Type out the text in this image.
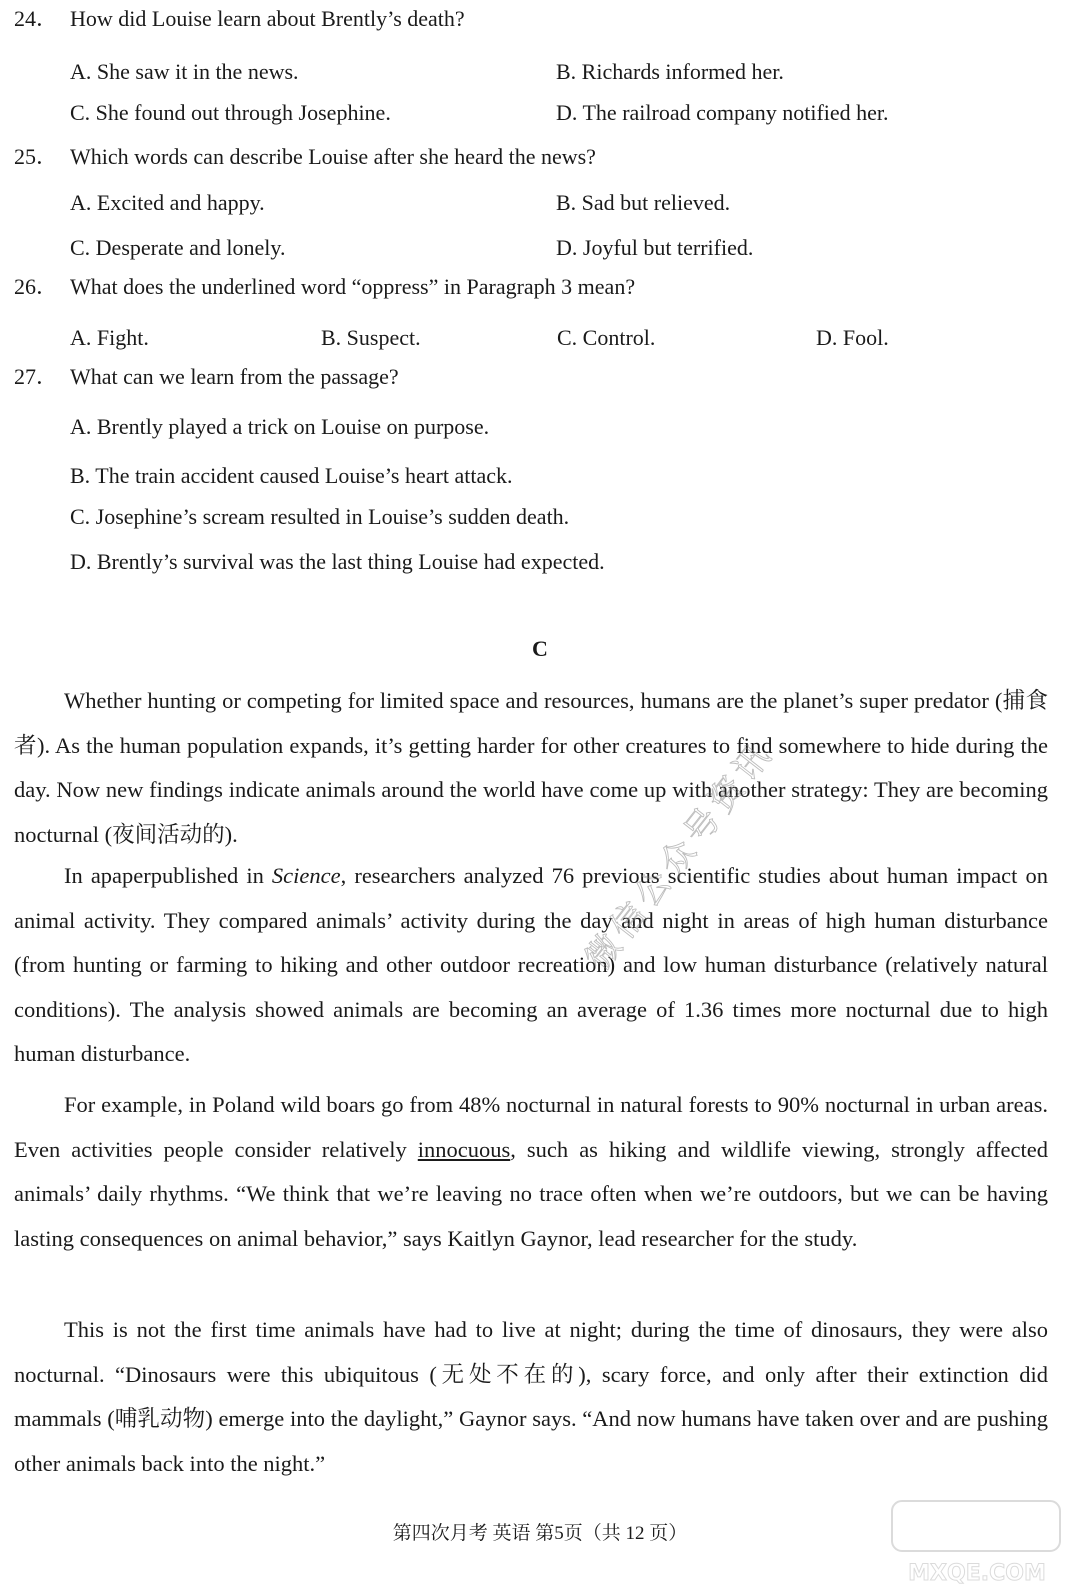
24． How did Louise learn about Brently’s death?
A. She saw it in the news.	B. Richards informed her.
C. She found out through Josephine.	D. The railroad company notified her.
25． Which words can describe Louise after she heard the news?
A. Excited and happy.	B. Sad but relieved.
C. Desperate and lonely.	D. Joyful but terrified.
26． What does the underlined word “oppress” in Paragraph 3 mean?
A. Fight.	B. Suspect.	C. Control.	D. Fool.
27． What can we learn from the passage?
A. Brently played a trick on Louise on purpose.
B. The train accident caused Louise’s heart attack.
C. Josephine’s scream resulted in Louise’s sudden death.
D. Brently’s survival was the last thing Louise had expected.
C
Whether hunting or competing for limited space and resources, humans are the planet’s super predator (捕食者). As the human population expands, it’s getting harder for other creatures to find somewhere to hide during the day. Now new findings indicate animals around the world have come up with another strategy: They are becoming nocturnal (夜间活动的).
In apaperpublished in Science, researchers analyzed 76 previous scientific studies about human impact on animal activity. They compared animals’ activity during the day and night in areas of high human disturbance (from hunting or farming to hiking and other outdoor recreation) and low human disturbance (relatively natural conditions). The analysis showed animals are becoming an average of 1.36 times more nocturnal due to high human disturbance.
For example, in Poland wild boars go from 48% nocturnal in natural forests to 90% nocturnal in urban areas. Even activities people consider relatively innocuous, such as hiking and wildlife viewing, strongly affected animals’ daily rhythms. “We think that we’re leaving no trace often when we’re outdoors, but we can be having lasting consequences on animal behavior,” says Kaitlyn Gaynor, lead researcher for the study.
This is not the first time animals have had to live at night; during the time of dinosaurs, they were also nocturnal. “Dinosaurs were this ubiquitous (无处不在的), scary force, and only after their extinction did mammals (哺乳动物) emerge into the daylight,” Gaynor says. “And now humans have taken over and are pushing other animals back into the night.”
第四次月考 英语 第5页（共 12 页）
微信公众号资讯
MXQE.COM
